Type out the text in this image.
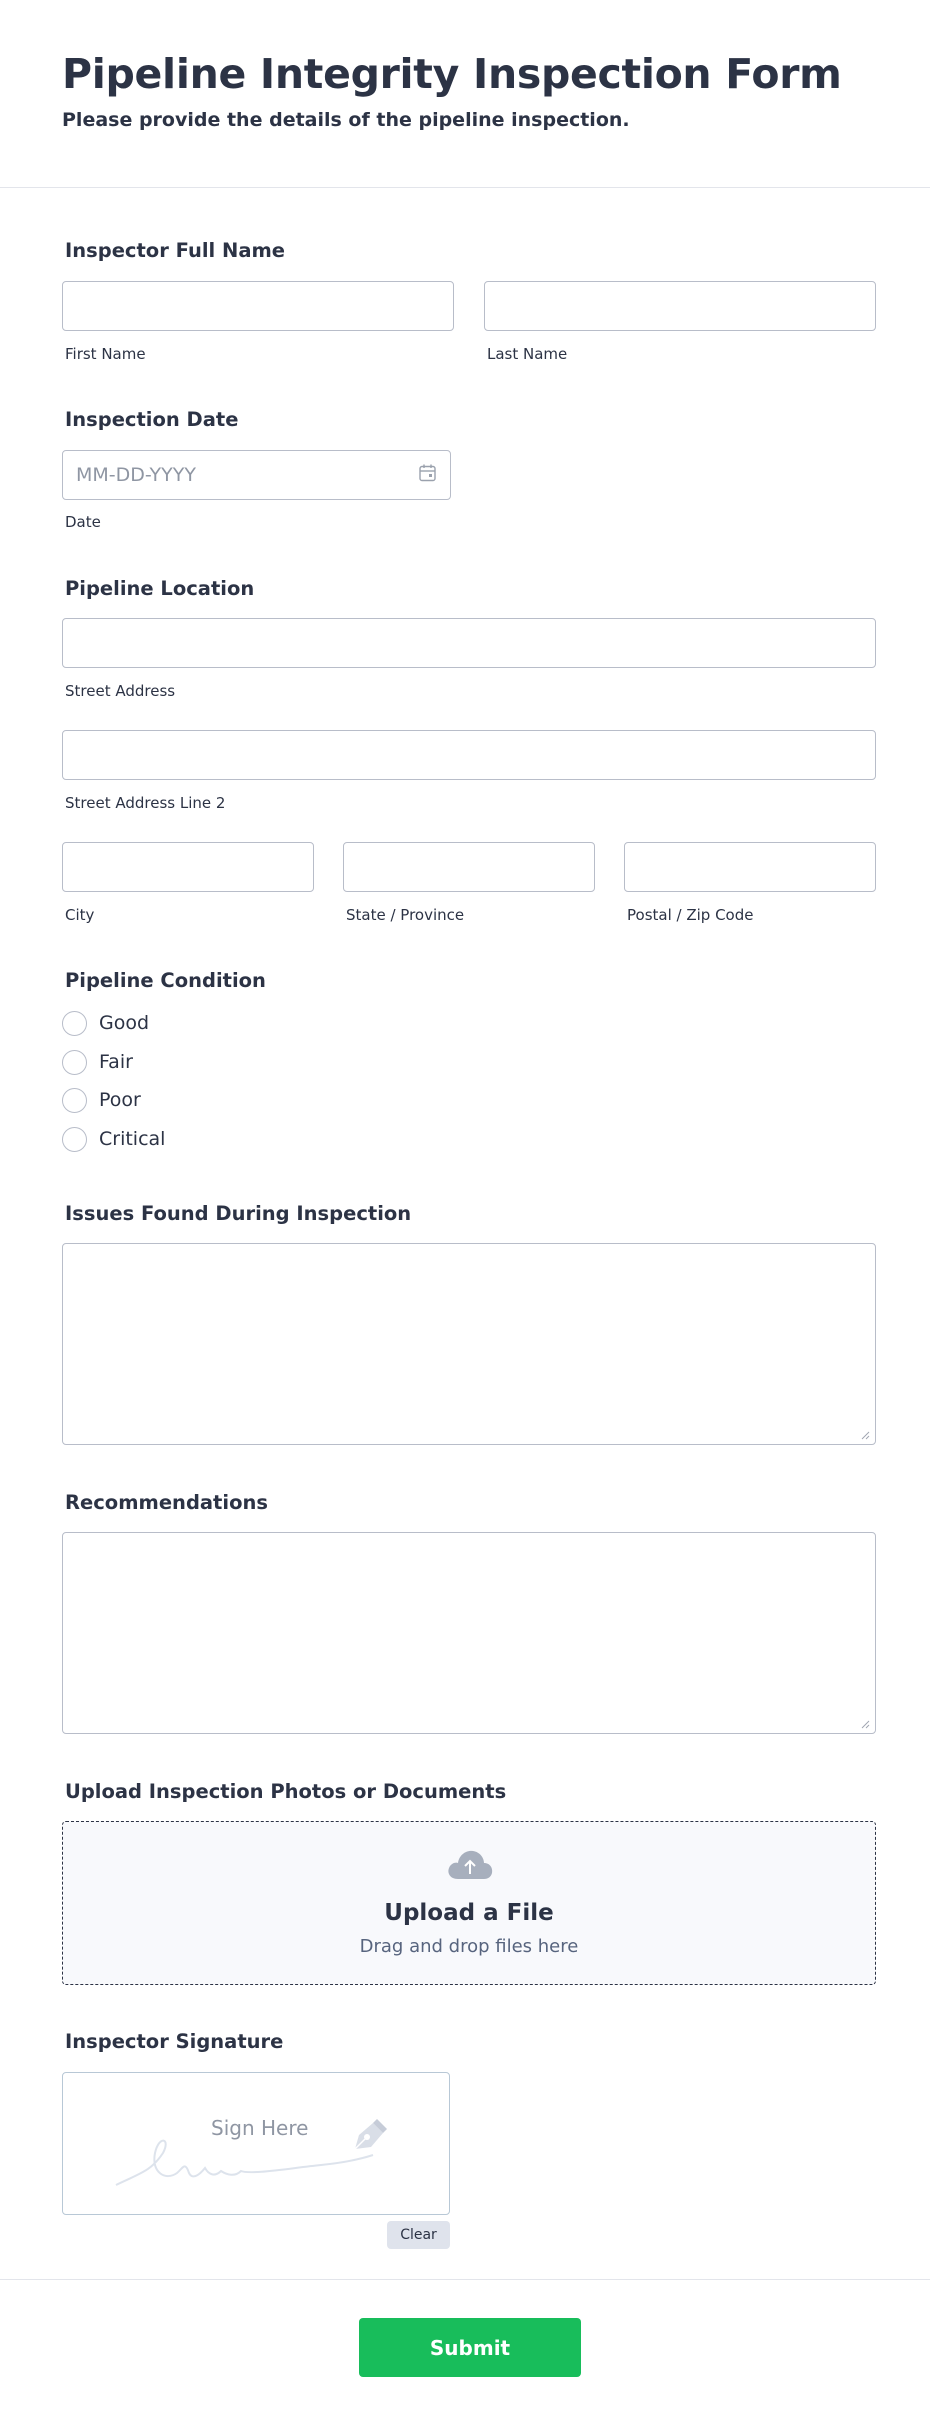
Pipeline Integrity Inspection Form
Please provide the details of the pipeline inspection.
Inspector Full Name
First Name	Last Name
Inspection Date
MM-DD-YYYY
Date
Pipeline Location
Street Address
Street Address Line 2
City	State / Province	Postal / Zip Code
Pipeline Condition
Good
Fair
Poor
Critical
Issues Found During Inspection
Recommendations
Upload Inspection Photos or Documents
Upload a File
Drag and drop files here
Inspector Signature
Sign Here
Clear
Submit
